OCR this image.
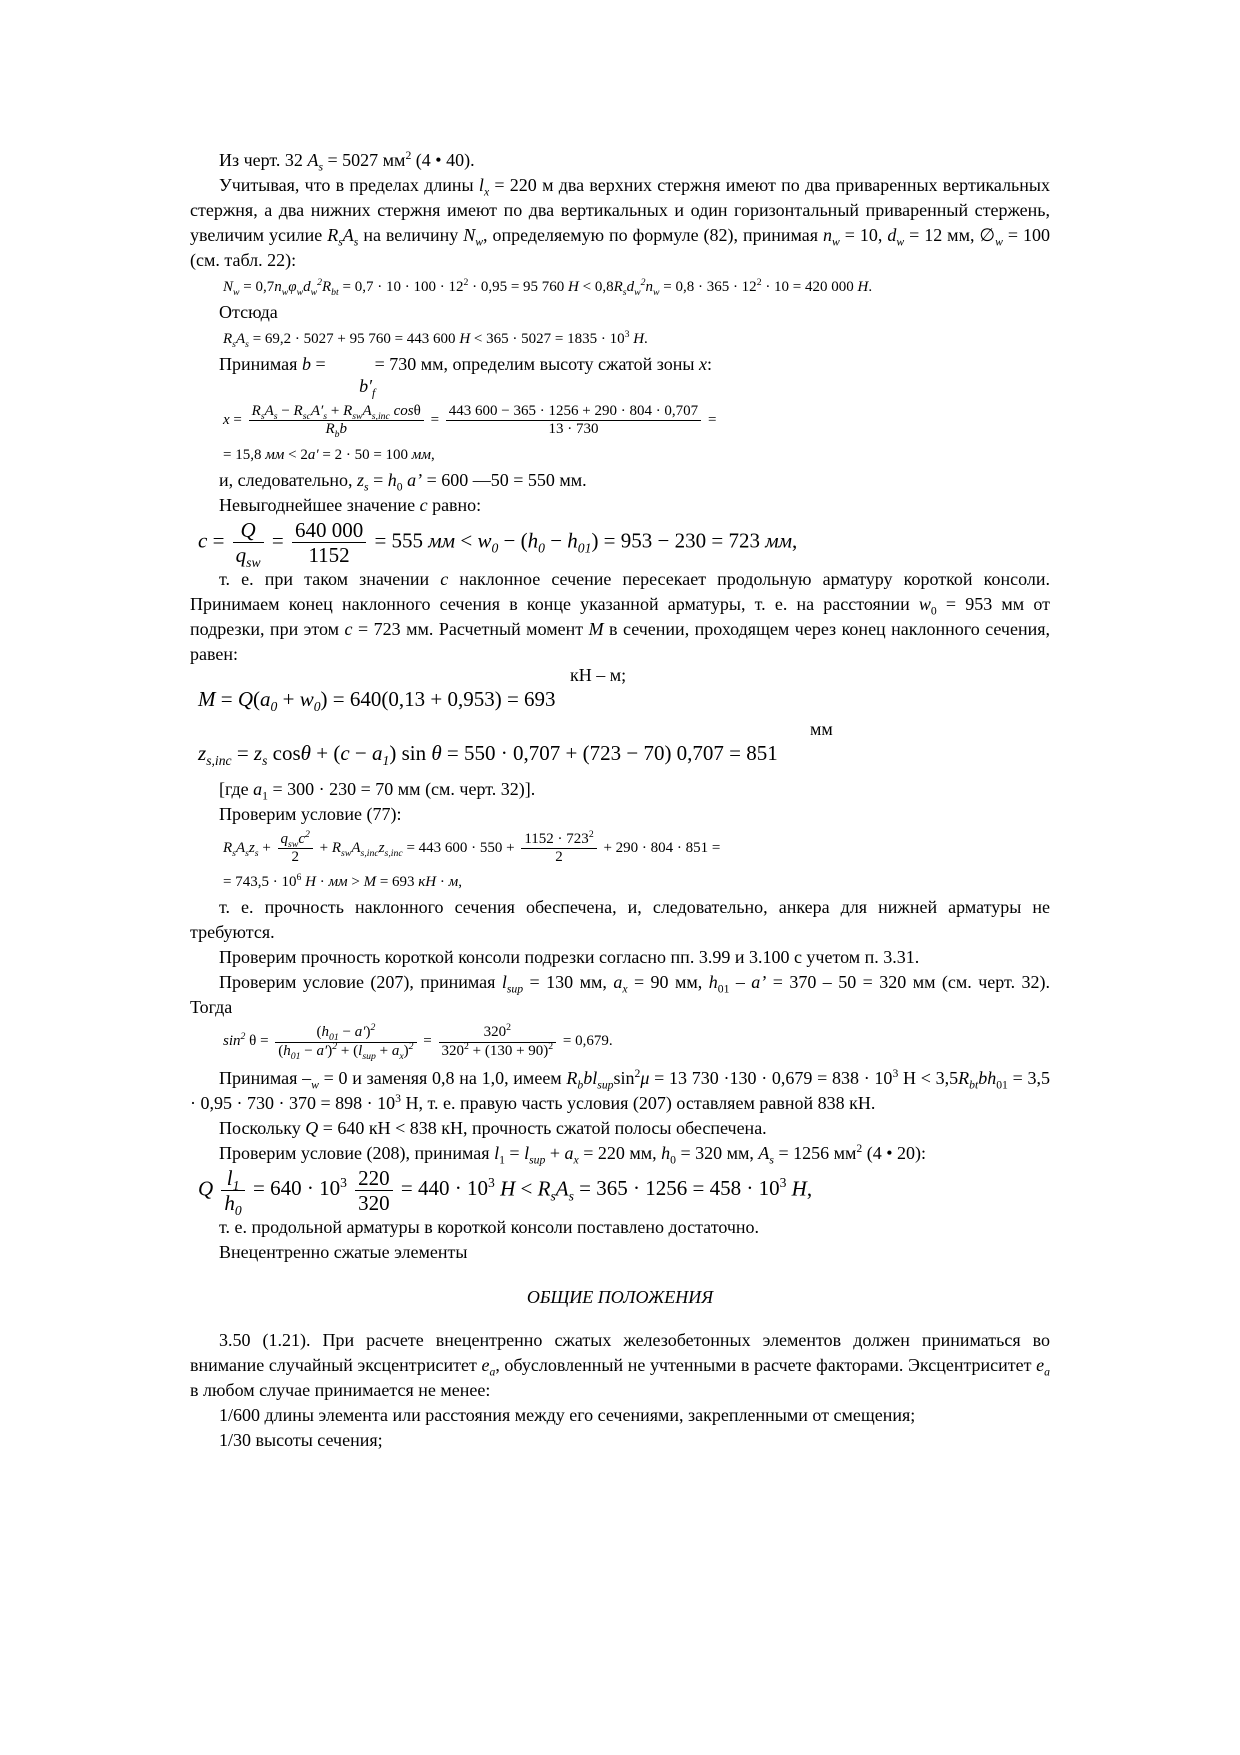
Из черт. 32 $A_s = 5027$ $мм^2$ (4 • 40).

Учитывая, что в пределах длины $l_x = 220$ м два верхних стержня имеют по два приваренных вертикальных стержня, а два нижних стержня имеют по два вертикальных и один горизонтальный приваренный стержень, увеличим усилие $R_sA_s$ на величину $N_w$, определяемую по формуле (82), принимая $n_w = 10$, $d_w = 12$ мм, $\emptyset_w = 100$ (см. табл. 22):

$N_w = 0,7n_w\varphi_wd_w^2R_{bt} = 0,7 \cdot 10 \cdot 100 \cdot 12^2 \cdot 0,95 = 95$ 760 $H < 0,8R_sd_w^2n_w = 0,8 \cdot 365 \cdot 12^2 \cdot 10 = 420$ 000 H.

Отсюда

$R_sA_s = 69,2 \cdot 5027 + 95$ 760 = 443 600 $H < 365 \cdot 5027 = 1835 \cdot 10^3$ H.

Принимая $b = b'_f = 730$ мм, определим высоту сжатой зоны x:

$x = \frac{R_sA_s - R_{sc}A'_s + R_{sw}A_{s,inc} \cos\theta}{R_bb} = \frac{443 600 - 365 \cdot 1256 + 290 \cdot 804 \cdot 0,707}{13 \cdot 730}$ =

= 15,8 мм < 2a′ = 2 · 50 = 100 мм,

и, следовательно, $z_s = h_0$ a’ = 600 —50 = 550 мм.

Невыгоднейшее значение c равно:

$c = \frac{Q}{q_{sw}} = \frac{640 000}{1152} = 555$ мм < $w_0 - (h_0 - h_{01}) = 953 - 230 = 723$ мм,

т. е. при таком значении c наклонное сечение пересекает продольную арматуру короткой консоли. Принимаем конец наклонного сечения в конце указанной арматуры, т. е. на расстоянии $w_0 = 953$ мм от подрезки, при этом c = 723 мм. Расчетный момент M в сечении, проходящем через конец наклонного сечения, равен:

кН – м;
$M = Q(a_0 + w_0) = 640(0,13 + 0,953) = 693$
мм
$z_{s,inc} = z_s$ $\cos\theta + (c - a_1)$ sin θ = 550 · 0,707 + (723 − 70) 0,707 = 851

[где $a_1 = 300 \cdot 230 = 70$ мм (см. черт. 32)].

Проверим условие (77):

$R_sA_sz_s + \frac{q_{sw}c^2}{2} + R_{sw}A_{s,inc}z_{s,inc} = 443$ $600 \cdot 550 + \frac{1152 \cdot 723^2}{2} + 290 \cdot 804 \cdot 851$ =

= $743,5 \cdot 10^6$ H · мм > M = 693 кН · м,

т. е. прочность наклонного сечения обеспечена, и, следовательно, анкера для нижней арматуры не требуются.

Проверим прочность короткой консоли подрезки согласно пп. 3.99 и 3.100 с учетом п. 3.31.

Проверим условие (207), принимая $l_{sup} = 130$ мм, $a_x = 90$ мм, $h_{01}$ – a’ = 370 – 50 = 320 мм (см. черт. 32). Тогда

$\sin^2 \theta = \frac{(h_{01} - a')^2}{(h_{01} - a')^2 + (l_{sup} + a_x)^2} = \frac{320^2}{320^2 + (130 + 90)^2} = 0,679$.

Принимая $-_w = 0$ и заменяя 0,8 на 1,0, имеем $R_bbl_{sup}\sin^2\mu = 13$ $730 \cdot 130 \cdot 0,679 = 838 \cdot 10^3$ $Н < 3,5R_{bt}bh_{01} = 3,5 \cdot 0,95 \cdot 730 \cdot 370 = 898 \cdot 10^3$ Н, т. е. правую часть условия (207) оставляем равной 838 кН.

Поскольку Q = 640 кН < 838 кН, прочность сжатой полосы обеспечена.

Проверим условие (208), принимая $l_1 = l_{sup} + a_x = 220$ мм, $h_0 = 320$ мм, $A_s = 1256$ $мм^2$ (4 • 20):

Q $\frac{l_1}{h_0} = 640 \cdot 10^3 \frac{220}{320} = 440 \cdot 10^3$ $H < R_sA_s = 365 \cdot 1256 = 458 \cdot 10^3$ H,

т. е. продольной арматуры в короткой консоли поставлено достаточно.

Внецентренно сжатые элементы

ОБЩИЕ ПОЛОЖЕНИЯ

3.50 (1.21). При расчете внецентренно сжатых железобетонных элементов должен приниматься во внимание случайный эксцентриситет $e_a$, обусловленный не учтенными в расчете факторами. Эксцентриситет $e_a$ в любом случае принимается не менее:

1/600 длины элемента или расстояния между его сечениями, закрепленными от смещения;

1/30 высоты сечения;
